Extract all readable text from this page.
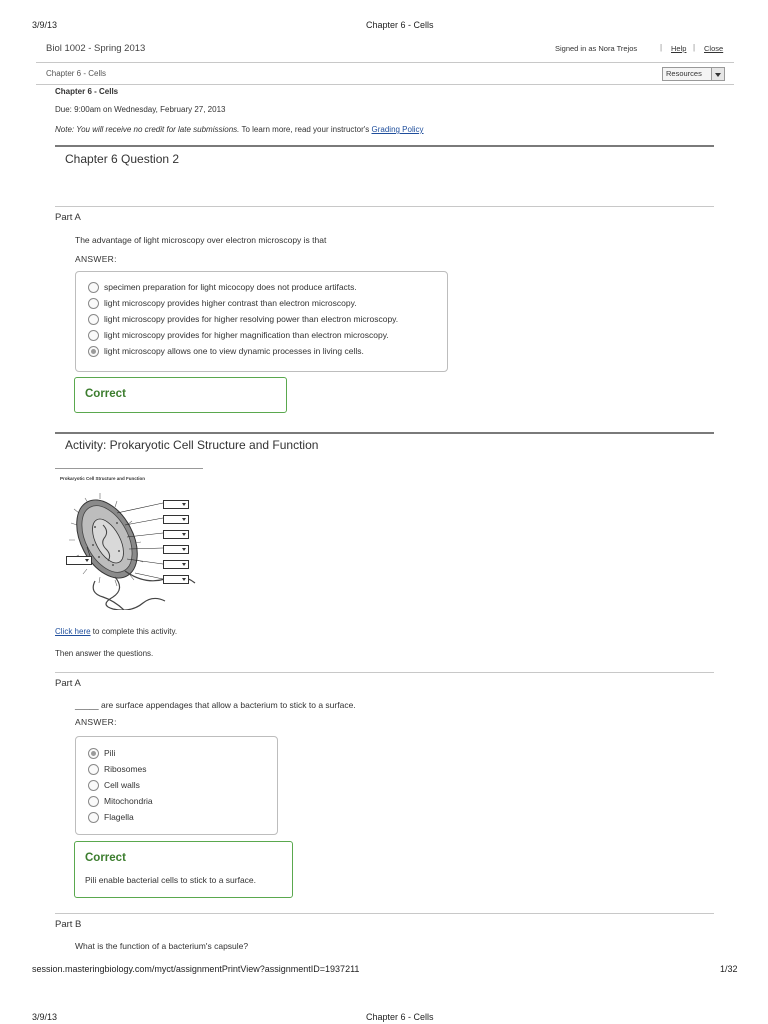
3/9/13	Chapter 6 - Cells
Biol 1002 - Spring 2013	Signed in as Nora Trejos	| Help | Close
Chapter 6 - Cells	Resources
Chapter 6 - Cells
Due: 9:00am on Wednesday, February 27, 2013
Note: You will receive no credit for late submissions. To learn more, read your instructor's Grading Policy
Chapter 6 Question 2
Part A
The advantage of light microscopy over electron microscopy is that
ANSWER:
specimen preparation for light micocopy does not produce artifacts.
light microscopy provides higher contrast than electron microscopy.
light microscopy provides for higher resolving power than electron microscopy.
light microscopy provides for higher magnification than electron microscopy.
light microscopy allows one to view dynamic processes in living cells.
Correct
Activity: Prokaryotic Cell Structure and Function
Prokaryotic Cell Structure and Function
Click here to complete this activity.
Then answer the questions.
Part A
_____ are surface appendages that allow a bacterium to stick to a surface.
ANSWER:
Pili
Ribosomes
Cell walls
Mitochondria
Flagella
Correct
Pili enable bacterial cells to stick to a surface.
Part B
What is the function of a bacterium's capsule?
session.masteringbiology.com/myct/assignmentPrintView?assignmentID=1937211	1/32
3/9/13	Chapter 6 - Cells
